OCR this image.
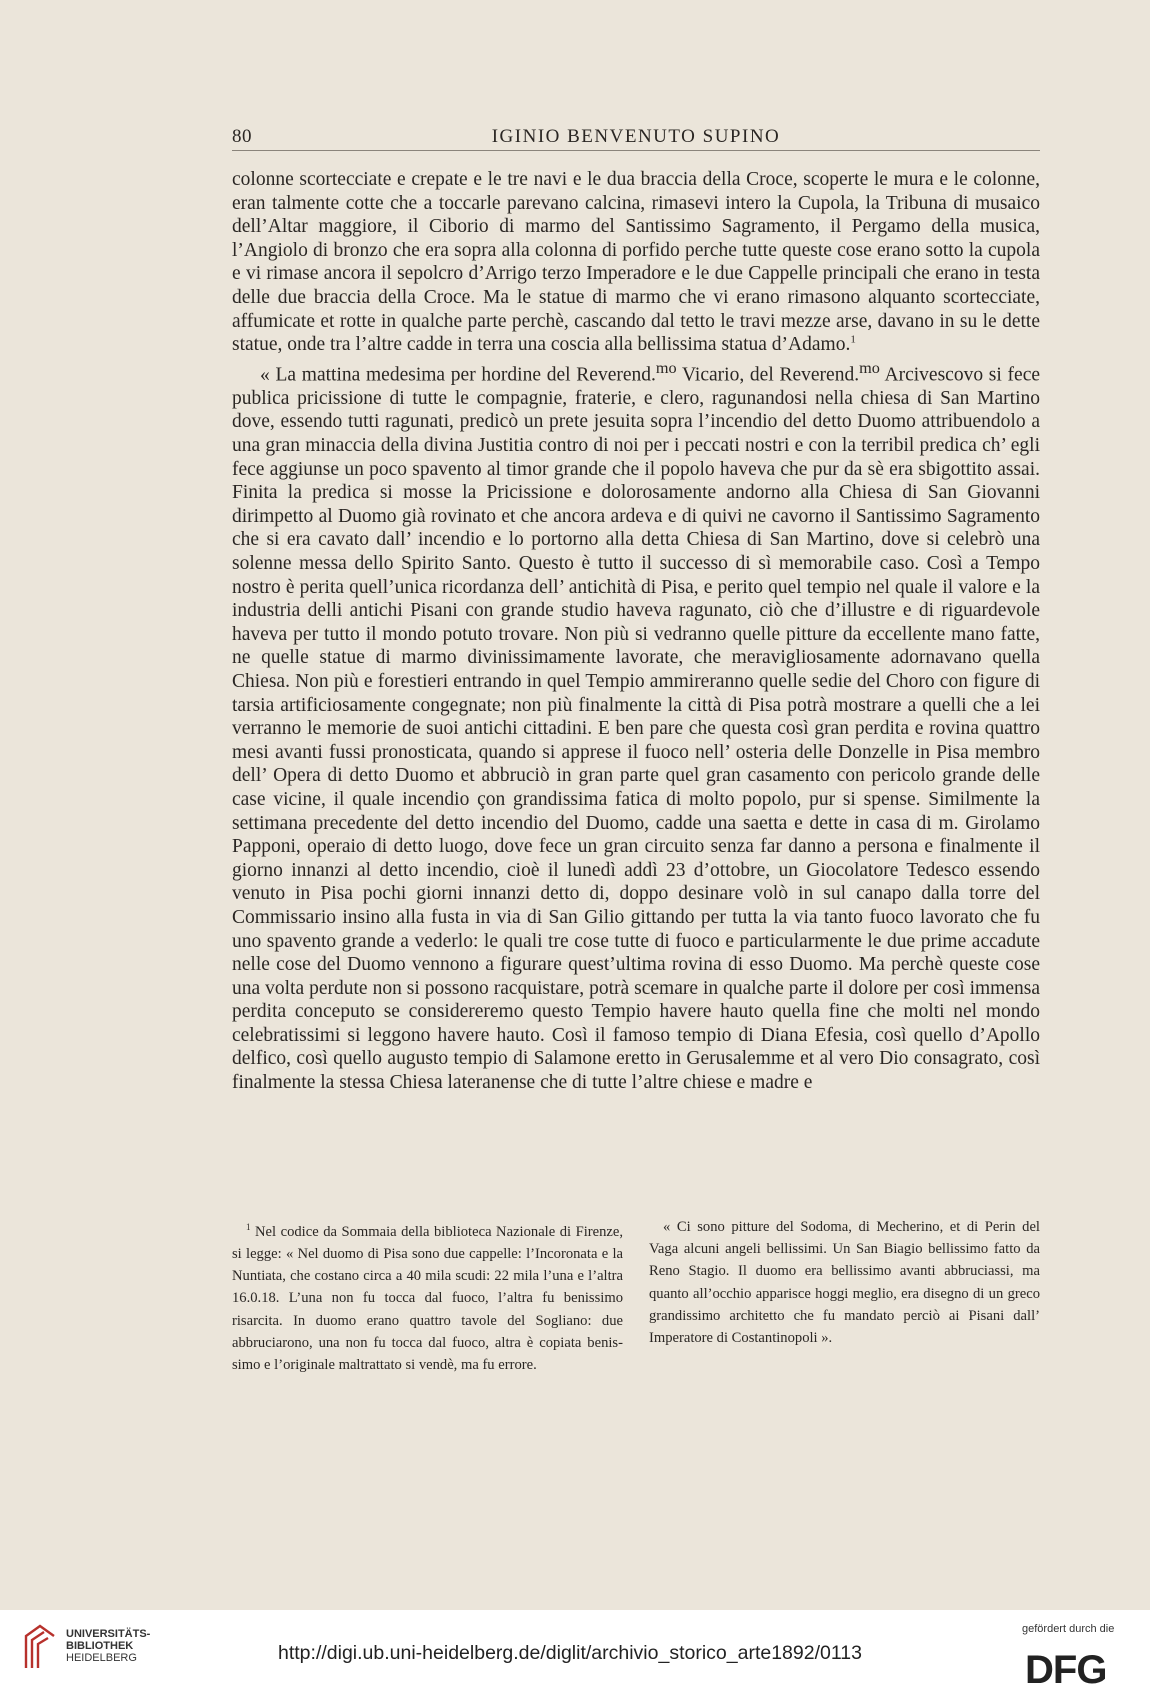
80	IGINIO BENVENUTO SUPINO

colonne scortecciate e crepate e le tre navi e le dua braccia della Croce, scoperte le mura e le colonne, eran talmente cotte che a toccarle parevano calcina, rimasevi intero la Cupola, la Tribuna di musaico dell’Altar maggiore, il Ciborio di marmo del Santissimo Sagramento, il Pergamo della musica, l’Angiolo di bronzo che era sopra alla colonna di porfido perche tutte queste cose erano sotto la cupola e vi rimase ancora il sepolcro d’Arrigo terzo Imperadore e le due Cappelle principali che erano in testa delle due braccia della Croce. Ma le statue di marmo che vi erano rimasono alquanto scortecciate, affumicate et rotte in qualche parte perchè, cascando dal tetto le travi mezze arse, davano in su le dette statue, onde tra l’altre cadde in terra una coscia alla bellissima statua d’Adamo.$^1$

« La mattina medesima per hordine del Reverend.$^{mo}$ Vicario, del Reverend.$^{mo}$ Arcivescovo si fece publica pricissione di tutte le compagnie, fraterie, e clero, ragunandosi nella chiesa di San Martino dove, essendo tutti ragunati, predicò un prete jesuita sopra l’incendio del detto Duomo attribuendolo a una gran minaccia della divina Justitia contro di noi per i peccati nostri e con la terribil predica ch’ egli fece aggiunse un poco spavento al timor grande che il popolo haveva che pur da sè era sbigottito assai. Finita la predica si mosse la Pricissione e dolorosamente andorno alla Chiesa di San Giovanni dirimpetto al Duomo già rovinato et che ancora ardeva e di quivi ne cavorno il Santissimo Sagramento che si era cavato dall’ incendio e lo portorno alla detta Chiesa di San Martino, dove si celebrò una solenne messa dello Spirito Santo. Questo è tutto il successo di sì memorabile caso. Così a Tempo nostro è perita quell’unica ricordanza dell’ antichità di Pisa, e perito quel tempio nel quale il valore e la industria delli antichi Pisani con grande studio haveva ragunato, ciò che d’illustre e di riguardevole haveva per tutto il mondo potuto trovare. Non più si vedranno quelle pitture da eccellente mano fatte, ne quelle statue di marmo divinissimamente lavorate, che meravigliosamente adornavano quella Chiesa. Non più e forestieri entrando in quel Tempio ammireranno quelle sedie del Choro con figure di tarsia artificiosamente congegnate; non più finalmente la città di Pisa potrà mostrare a quelli che a lei verranno le memorie de suoi antichi cittadini. E ben pare che questa così gran perdita e rovina quattro mesi avanti fussi pronosticata, quando si apprese il fuoco nell’ osteria delle Donzelle in Pisa membro dell’ Opera di detto Duomo et abbruciò in gran parte quel gran casamento con pericolo grande delle case vicine, il quale incendio çon grandissima fatica di molto popolo, pur si spense. Similmente la settimana precedente del detto incendio del Duomo, cadde una saetta e dette in casa di m. Girolamo Papponi, operaio di detto luogo, dove fece un gran circuito senza far danno a persona e finalmente il giorno innanzi al detto incendio, cioè il lunedì addì 23 d’ottobre, un Giocolatore Tedesco essendo venuto in Pisa pochi giorni innanzi detto di, doppo desinare volò in sul canapo dalla torre del Commissario insino alla fusta in via di San Gilio gittando per tutta la via tanto fuoco lavorato che fu uno spavento grande a vederlo: le quali tre cose tutte di fuoco e particularmente le due prime accadute nelle cose del Duomo vennono a figurare quest’ultima rovina di esso Duomo. Ma perchè queste cose una volta perdute non si possono racquistare, potrà scemare in qualche parte il dolore per così immensa perdita conceputo se considereremo questo Tempio havere hauto quella fine che molti nel mondo celebratissimi si leggono havere hauto. Così il famoso tempio di Diana Efesia, così quello d’Apollo delfico, così quello augusto tempio di Salamone eretto in Gerusalemme et al vero Dio consagrato, così finalmente la stessa Chiesa lateranense che di tutte l’altre chiese e madre e

$^1$ Nel codice da Sommaia della biblioteca Nazionale di Firenze, si legge: « Nel duomo di Pisa sono due cappelle: l’Incoronata e la Nuntiata, che costano circa a 40 mila scudi: 22 mila l’una e l’altra 16.0.18. L’una non fu tocca dal fuoco, l’altra fu benissimo risarcita. In duomo erano quattro tavole del Sogliano: due abbruciarono, una non fu tocca dal fuoco, altra è copiata benissimo e l’originale maltrattato si vendè, ma fu errore.

« Ci sono pitture del Sodoma, di Mecherino, et di Perin del Vaga alcuni angeli bellissimi. Un San Biagio bellissimo fatto da Reno Stagio. Il duomo era bellissimo avanti abbruciassi, ma quanto all’occhio apparisce hoggi meglio, era disegno di un greco grandissimo architetto che fu mandato perciò ai Pisani dall’ Imperatore di Costantinopoli ».

UNIVERSITÄTS-
BIBLIOTHEK
HEIDELBERG	http://digi.ub.uni-heidelberg.de/diglit/archivio_storico_arte1892/0113
gefördert durch die
DFG
